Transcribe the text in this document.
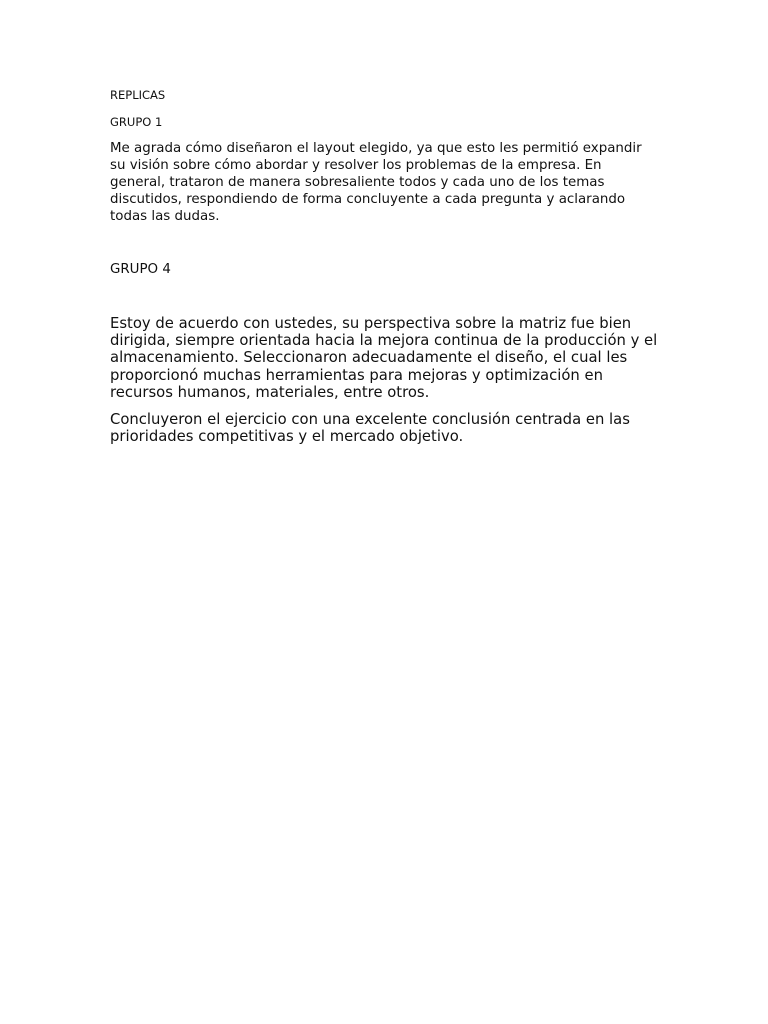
REPLICAS

GRUPO 1

Me agrada cómo diseñaron el layout elegido, ya que esto les permitió expandir su visión sobre cómo abordar y resolver los problemas de la empresa. En general, trataron de manera sobresaliente todos y cada uno de los temas discutidos, respondiendo de forma concluyente a cada pregunta y aclarando todas las dudas.

GRUPO 4

Estoy de acuerdo con ustedes, su perspectiva sobre la matriz fue bien dirigida, siempre orientada hacia la mejora continua de la producción y el almacenamiento. Seleccionaron adecuadamente el diseño, el cual les proporcionó muchas herramientas para mejoras y optimización en recursos humanos, materiales, entre otros.

Concluyeron el ejercicio con una excelente conclusión centrada en las prioridades competitivas y el mercado objetivo.
